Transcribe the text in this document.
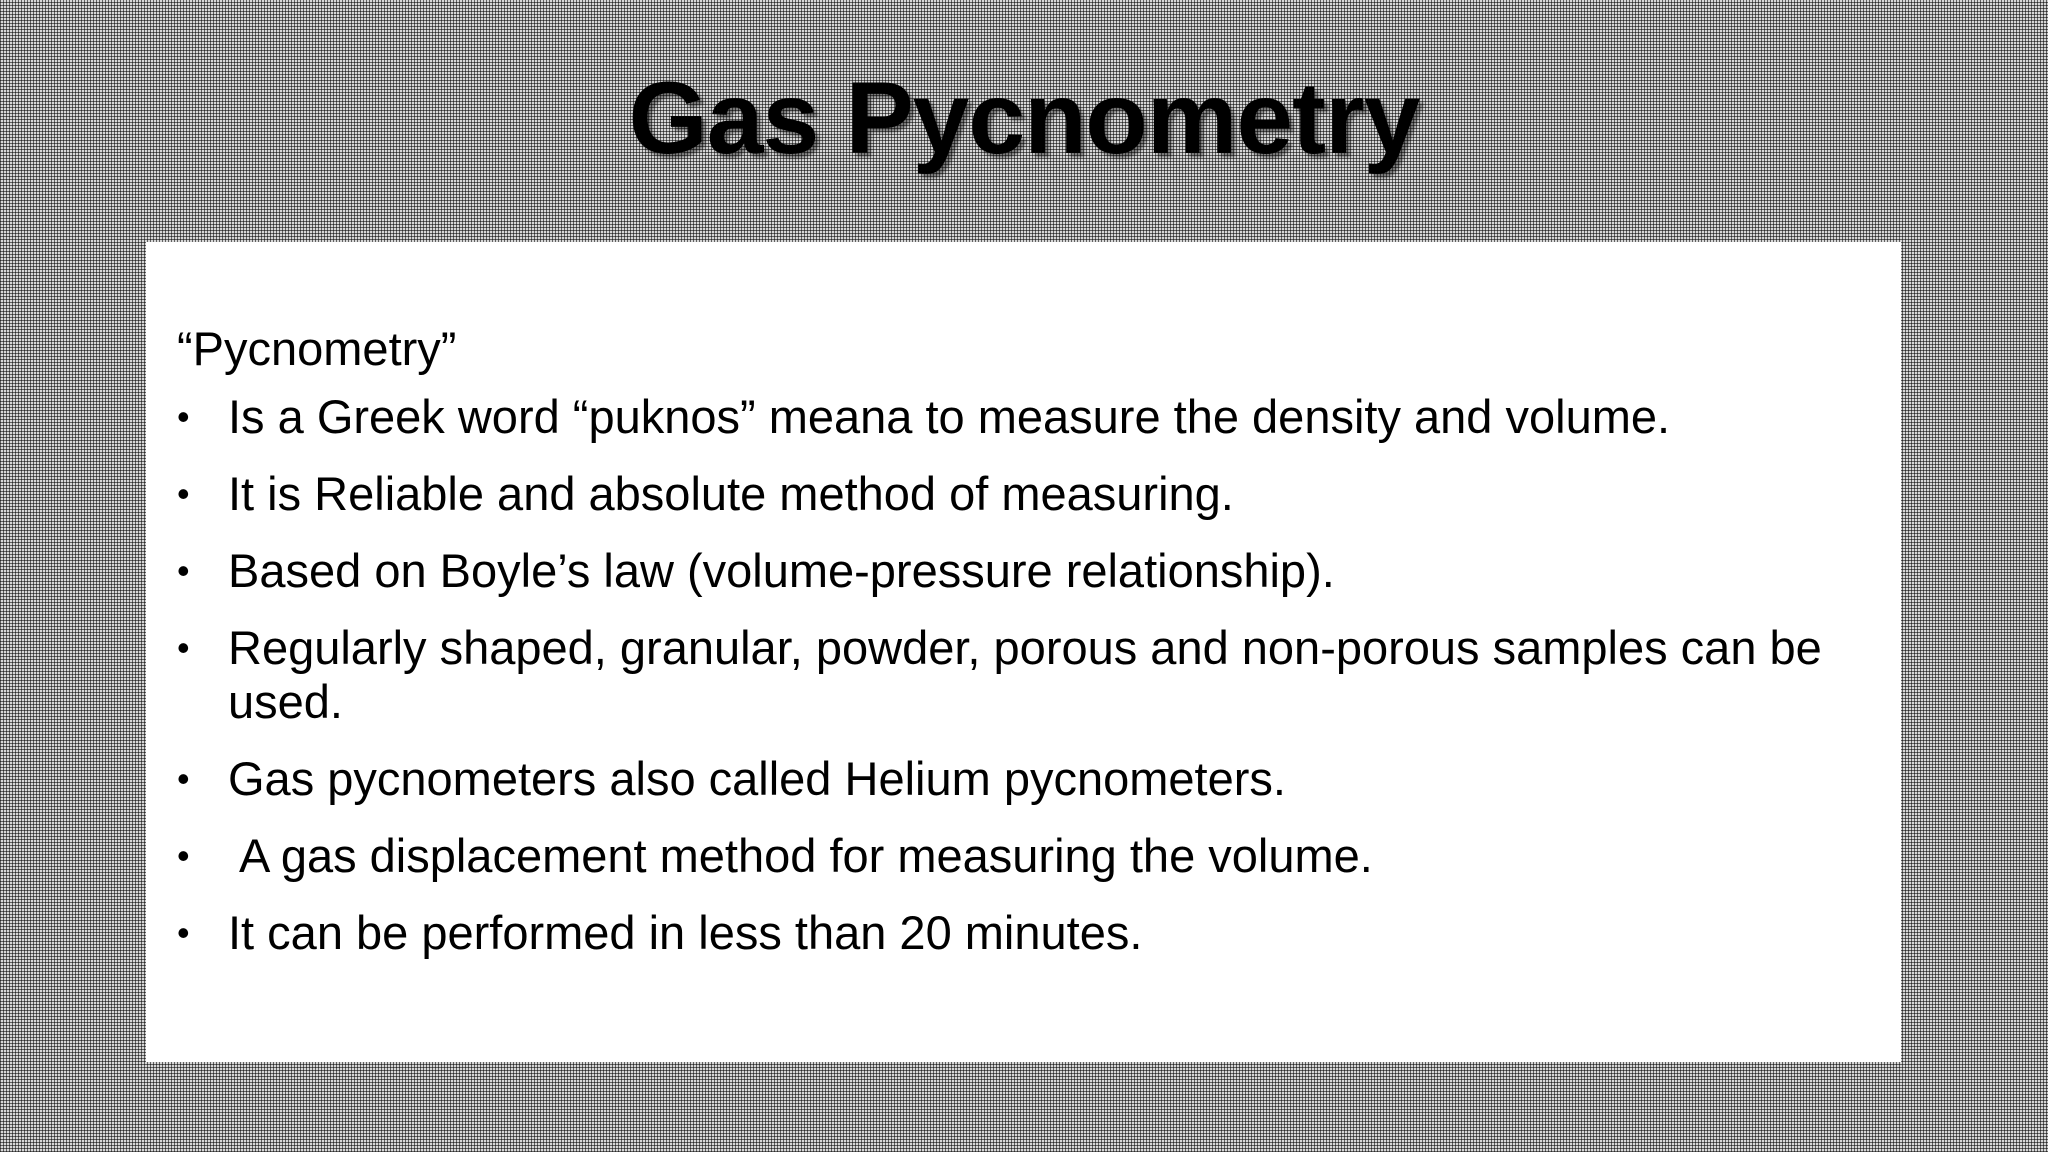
Gas Pycnometry

“Pycnometry”

• Is a Greek word “puknos” meana to measure the density and volume.
• It is Reliable and absolute method of measuring.
• Based on Boyle’s law (volume-pressure relationship).
• Regularly shaped, granular, powder, porous and non-porous samples can be used.
• Gas pycnometers also called Helium pycnometers.
• A gas displacement method for measuring the volume.
• It can be performed in less than 20 minutes.
